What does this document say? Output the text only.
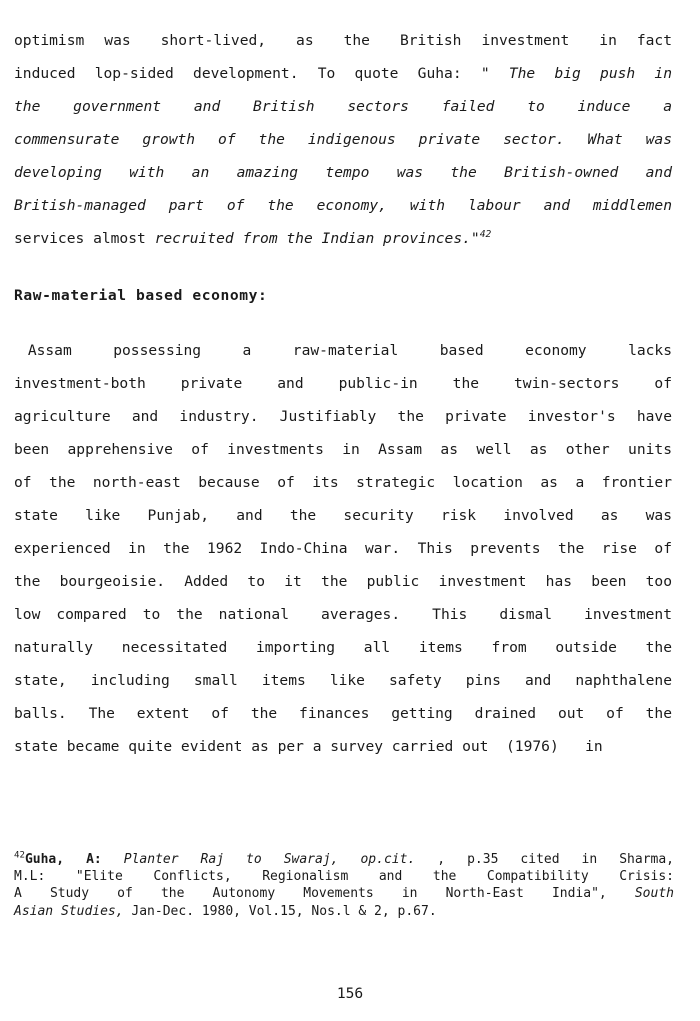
optimism  was   short-lived,   as   the   British  investment   in  fact
induced lop-sided development. To quote Guha: " The big push in
the   government   and   British   sectors   failed   to   induce   a
commensurate  growth  of  the  indigenous  private  sector.  What  was
developing  with  an  amazing  tempo  was  the  British-owned  and
British-managed part of the economy, with labour and middlemen
services almost recruited from the Indian provinces."$^{42}$
Raw-material based economy:
Assam   possessing   a   raw-material   based   economy   lacks
investment-both  private  and  public-in  the  twin-sectors  of
agriculture and industry. Justifiably the private investor's have
been apprehensive of investments in Assam as well as other units
of the north-east because of its strategic location as a frontier
state  like  Punjab,  and  the  security  risk  involved  as  was
experienced in the 1962 Indo-China war. This prevents the rise of
the bourgeoisie. Added to it the public investment has been too
low compared to the national  averages.  This  dismal  investment
naturally  necessitated  importing  all  items  from  outside  the
state,  including  small  items  like  safety  pins  and  naphthalene
balls.  The  extent  of  the  finances  getting  drained  out  of  the
state became quite evident as per a survey carried out  (1976)   in
$^{42}$Guha, A: Planter Raj to Swaraj, op.cit. , p.35 cited in Sharma,
M.L: "Elite Conflicts, Regionalism and the Compatibility Crisis:
A Study of the Autonomy Movements in North-East India", South
Asian Studies, Jan-Dec. 1980, Vol.15, Nos.l & 2, p.67.
156
